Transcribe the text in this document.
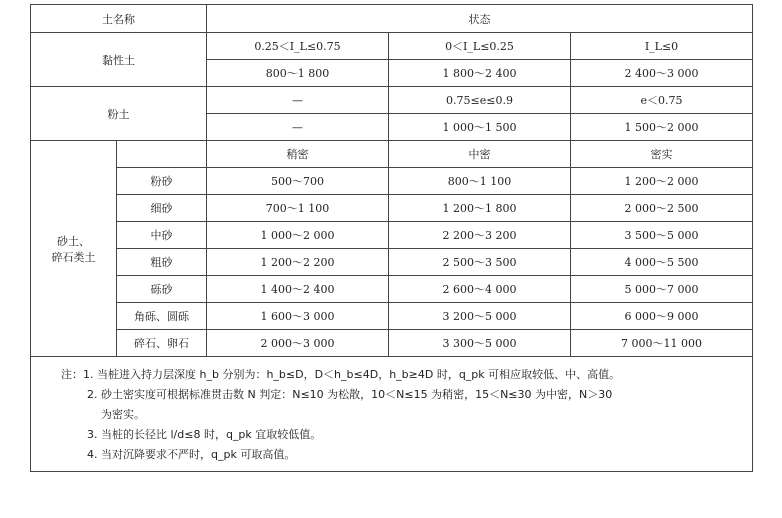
土名称		状态		
黏性土		0.25＜I_L≤0.75	0＜I_L≤0.25	I_L≤0
		800～1 800	1 800～2 400	2 400～3 000
粉土		—	0.75≤e≤0.9	e＜0.75
		—	1 000～1 500	1 500～2 000

砂土、
碎石类土		稍密	中密	密实
	粉砂	500～700	800～1 100	1 200～2 000
	细砂	700～1 100	1 200～1 800	2 000～2 500
	中砂	1 000～2 000	2 200～3 200	3 500～5 000
	粗砂	1 200～2 200	2 500～3 500	4 000～5 500
	砾砂	1 400～2 400	2 600～4 000	5 000～7 000
	角砾、圆砾	1 600～3 000	3 200～5 000	6 000～9 000
	碎石、卵石	2 000～3 000	3 300～5 000	7 000～11 000

注：1. 当桩进入持力层深度 h_b 分别为：h_b≤D，D＜h_b≤4D，h_b≥4D 时，q_pk 可相应取较低、中、高值。
2. 砂土密实度可根据标准贯击数 N 判定：N≤10 为松散，10＜N≤15 为稍密，15＜N≤30 为中密，N＞30
为密实。
3. 当桩的长径比 l/d≤8 时，q_pk 宜取较低值。
4. 当对沉降要求不严时，q_pk 可取高值。				
